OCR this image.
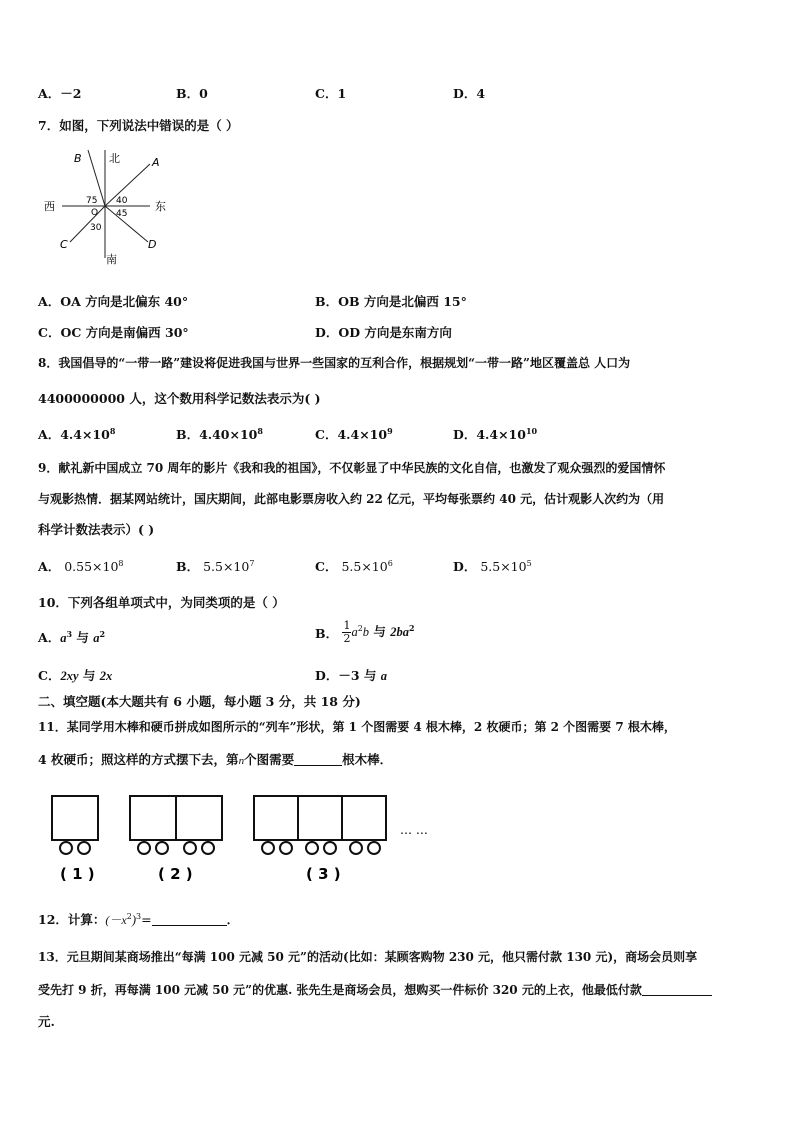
A．－2	B．0	C．1	D．4
7．如图，下列说法中错误的是（ ）
北
南
东
西
A
B
C	D
O
75 40
45
30
A．OA 方向是北偏东 40°	B．OB 方向是北偏西 15°
C．OC 方向是南偏西 30°	D．OD 方向是东南方向
8．我国倡导的“一带一路”建设将促进我国与世界一些国家的互利合作，根据规划“一带一路”地区覆盖总 人口为
4400000000 人，这个数用科学记数法表示为( )
A．$4.4\times 10^8$	B．$4.40\times 10^8$	C．$4.4\times 10^9$	D．$4.4\times 10^{10}$
9．献礼新中国成立 70 周年的影片《我和我的祖国》，不仅彰显了中华民族的文化自信，也激发了观众强烈的爱国情怀
与观影热情．据某网站统计，国庆期间，此部电影票房收入约 22 亿元，平均每张票约 40 元，估计观影人次约为（用
科学计数法表示）( )
A． $0.55\times 10^8$	B． $5.5\times 10^7$	C． $5.5\times 10^6$	D． $5.5\times 10^5$
10．下列各组单项式中，为同类项的是（ ）
A．$a^3$ 与 $a^2$	B． $\frac{1}{2} a^2b$ 与 $2ba^2$
C．2xy 与 2x	D．－3 与 a
二、填空题(本大题共有 6 小题，每小题 3 分，共 18 分)
11．某同学用木棒和硬币拼成如图所示的“列车”形状，第 1 个图需要 4 根木棒，2 枚硬币；第 2 个图需要 7 根木棒，
4 枚硬币；照这样的方式摆下去，第n个图需要	根木棒．
… …
( 1 )	( 2 )	( 3 )
12．计算：$(-x^2)^3=$	．
13．元旦期间某商场推出“每满 100 元减 50 元”的活动(比如：某顾客购物 230 元，他只需付款 130 元)，商场会员则享
受先打 9 折，再每满 100 元减 50 元”的优惠. 张先生是商场会员，想购买一件标价 320 元的上衣，他最低付款
元.
